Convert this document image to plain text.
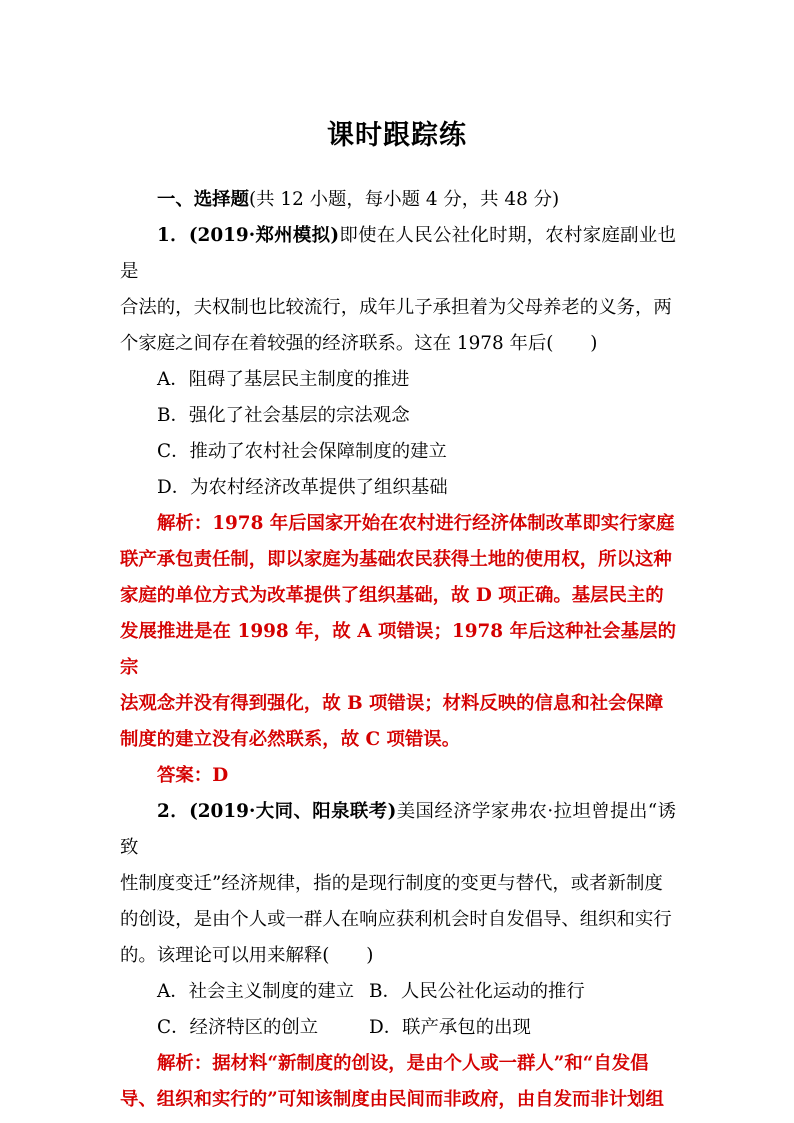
课时跟踪练

一、选择题(共 12 小题，每小题 4 分，共 48 分)

1．(2019·郑州模拟)即使在人民公社化时期，农村家庭副业也是

合法的，夫权制也比较流行，成年儿子承担着为父母养老的义务，两

个家庭之间存在着较强的经济联系。这在 1978 年后(　　)

A．阻碍了基层民主制度的推进

B．强化了社会基层的宗法观念

C．推动了农村社会保障制度的建立

D．为农村经济改革提供了组织基础

解析：1978 年后国家开始在农村进行经济体制改革即实行家庭

联产承包责任制，即以家庭为基础农民获得土地的使用权，所以这种

家庭的单位方式为改革提供了组织基础，故 D 项正确。基层民主的

发展推进是在 1998 年，故 A 项错误；1978 年后这种社会基层的宗

法观念并没有得到强化，故 B 项错误；材料反映的信息和社会保障

制度的建立没有必然联系，故 C 项错误。

答案：D

2．(2019·大同、阳泉联考)美国经济学家弗农·拉坦曾提出“诱致

性制度变迁”经济规律，指的是现行制度的变更与替代，或者新制度

的创设，是由个人或一群人在响应获利机会时自发倡导、组织和实行

的。该理论可以用来解释(　　)

A．社会主义制度的建立 B．人民公社化运动的推行
C．经济特区的创立	D．联产承包的出现

解析：据材料“新制度的创设，是由个人或一群人”和“自发倡

导、组织和实行的”可知该制度由民间而非政府，由自发而非计划组
